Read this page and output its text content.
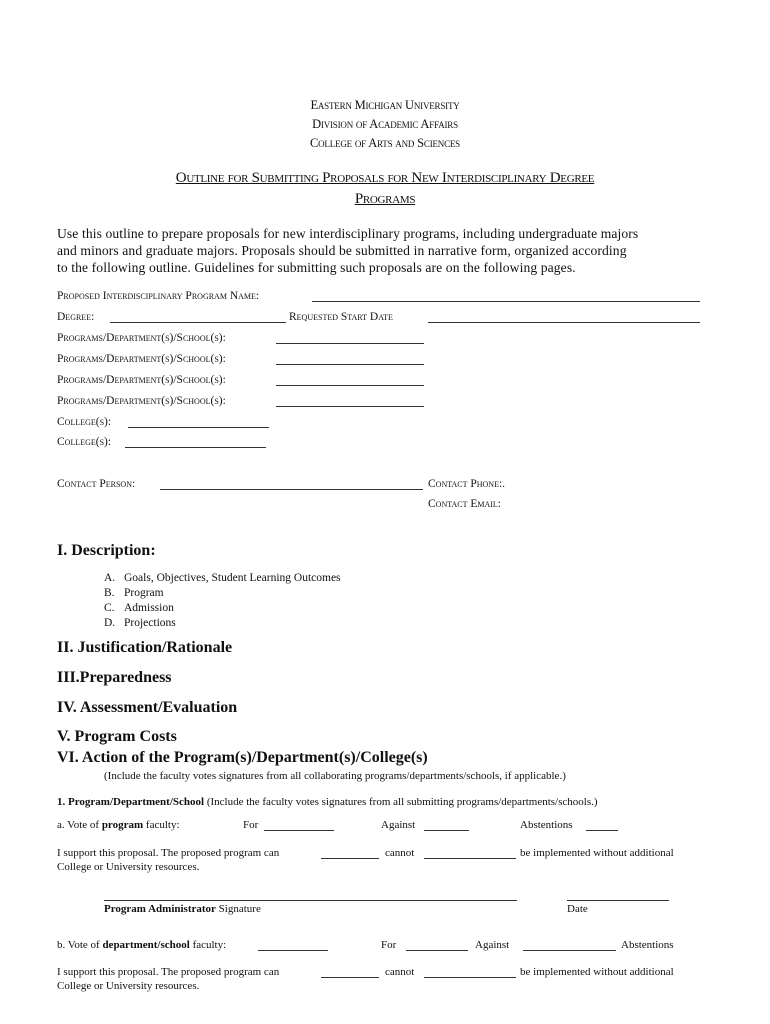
Eastern Michigan University
Division of Academic Affairs
College of Arts and Sciences
Outline for Submitting Proposals for New Interdisciplinary Degree
Programs
Use this outline to prepare proposals for new interdisciplinary programs, including undergraduate majors
and minors and graduate majors. Proposals should be submitted in narrative form, organized according
to the following outline. Guidelines for submitting such proposals are on the following pages.
Proposed Interdisciplinary Program Name:
Degree:	Requested Start Date
Programs/Department(s)/School(s):
Programs/Department(s)/School(s):
Programs/Department(s)/School(s):
Programs/Department(s)/School(s):
College(s):
College(s):
Contact Person:	Contact Phone:.
Contact Email:
I. Description:
A. Goals, Objectives, Student Learning Outcomes
B. Program
C. Admission
D. Projections
II. Justification/Rationale
III.Preparedness
IV. Assessment/Evaluation
V. Program Costs
VI. Action of the Program(s)/Department(s)/College(s)
(Include the faculty votes signatures from all collaborating programs/departments/schools, if applicable.)
1. Program/Department/School (Include the faculty votes signatures from all submitting programs/departments/schools.)
a. Vote of program faculty:	For	Against	Abstentions
I support this proposal. The proposed program can	cannot	be implemented without additional
College or University resources.
Program Administrator Signature	Date
b. Vote of department/school faculty:	For	Against	Abstentions
I support this proposal. The proposed program can	cannot	be implemented without additional
College or University resources.
